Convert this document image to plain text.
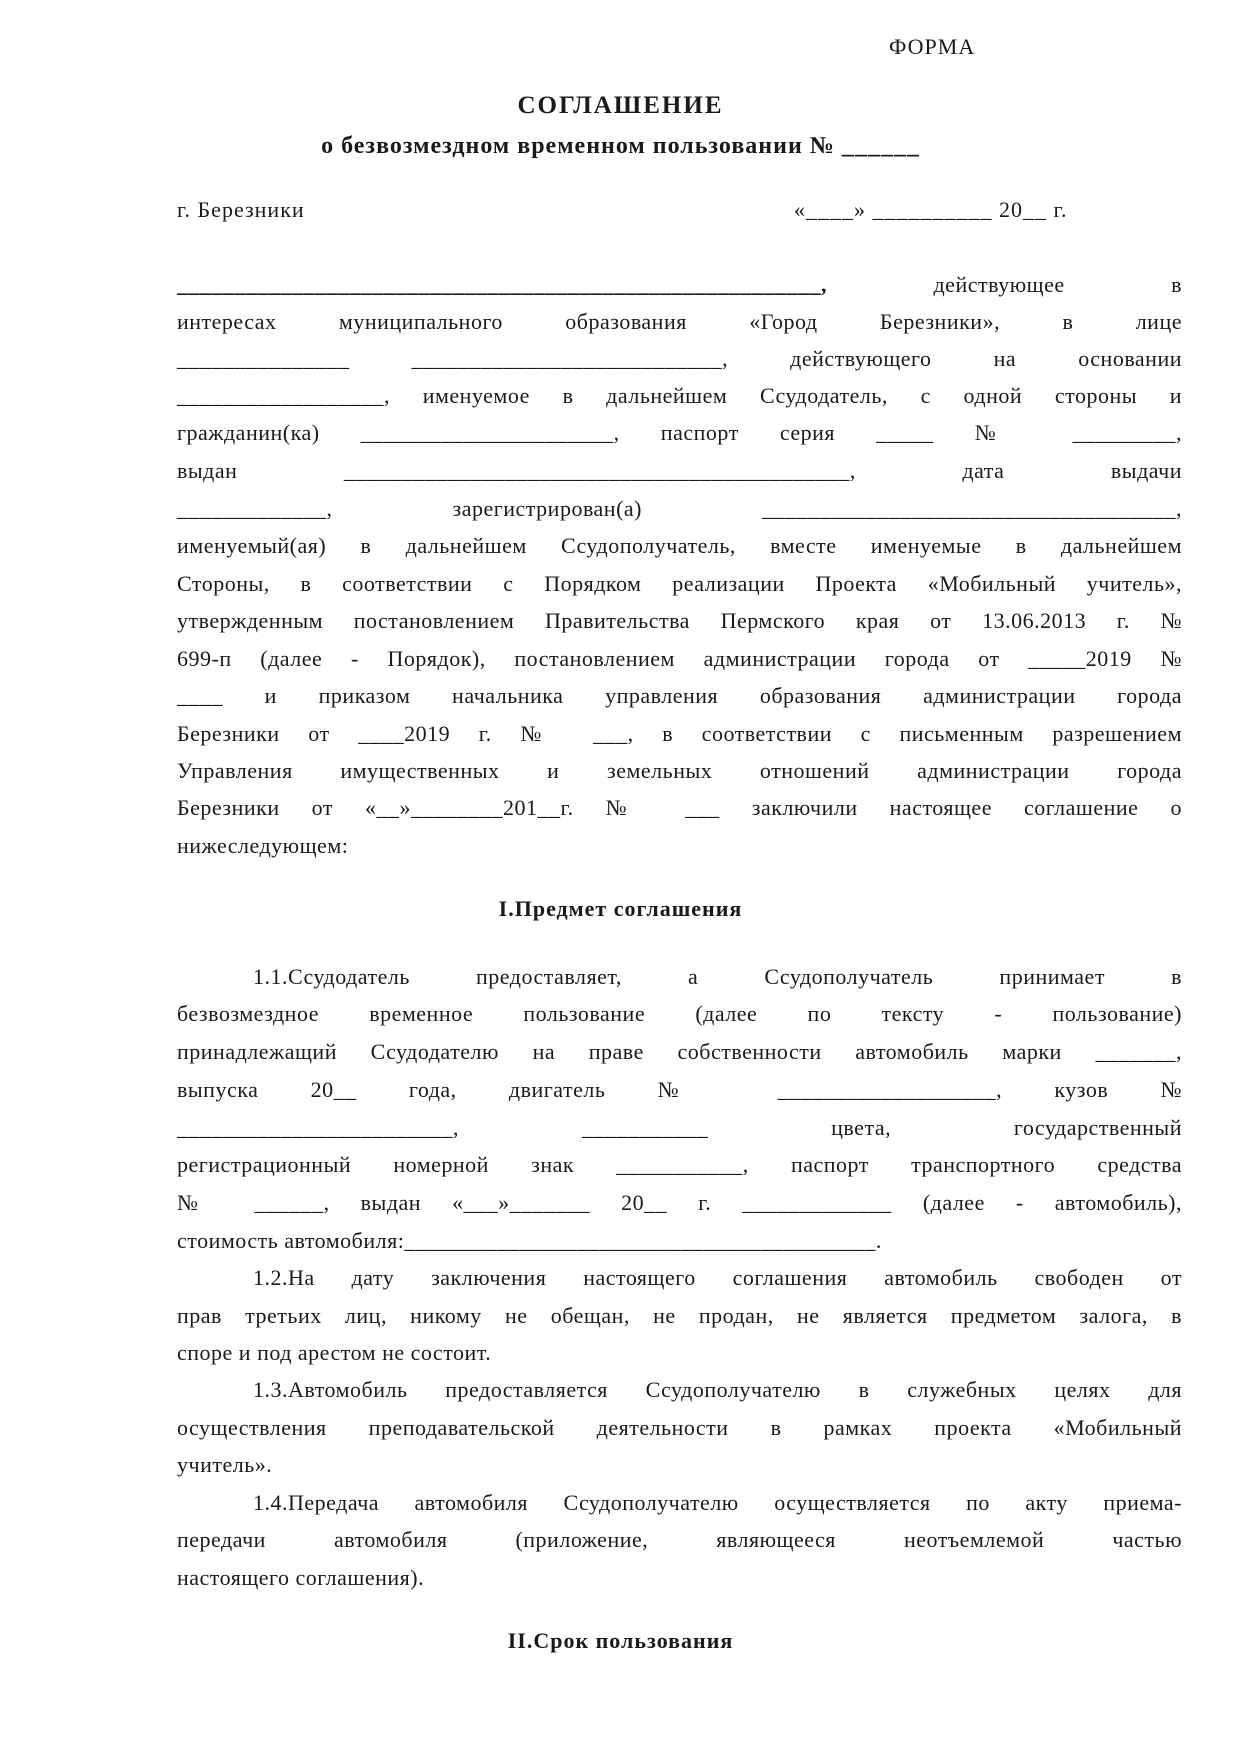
ФОРМА
СОГЛАШЕНИЕ
о безвозмездном временном пользовании № ______
г. Березники	«____» __________ 20__ г.
________________________________________________________,	действующее в
интересах муниципального образования «Город Березники», в лице
_______________ ___________________________, действующего на основании
__________________, именуемое в дальнейшем Ссудодатель, с одной стороны и
гражданин(ка) ______________________, паспорт серия _____ № _________,
выдан ____________________________________________, дата выдачи
_____________, зарегистрирован(а) ____________________________________,
именуемый(ая) в дальнейшем Ссудополучатель, вместе именуемые в дальнейшем
Стороны, в соответствии с Порядком реализации Проекта «Мобильный учитель»,
утвержденным постановлением Правительства Пермского края от 13.06.2013 г. №
699-п (далее - Порядок), постановлением администрации города от _____2019 №
____ и приказом начальника управления образования администрации города
Березники от ____2019 г. № ___, в соответствии с письменным разрешением
Управления имущественных и земельных отношений администрации города
Березники от «__»________201__г. № ___ заключили настоящее соглашение о
нижеследующем:
I.Предмет соглашения
1.1.Ссудодатель предоставляет, а Ссудополучатель принимает в
безвозмездное временное пользование (далее по тексту - пользование)
принадлежащий Ссудодателю на праве собственности автомобиль марки _______,
выпуска 20__ года, двигатель № ___________________, кузов №
________________________, ___________ цвета, государственный
регистрационный номерной знак ___________, паспорт транспортного средства
№ ______, выдан «___»_______ 20__ г. _____________ (далее - автомобиль),
стоимость автомобиля:_________________________________________.
1.2.На дату заключения настоящего соглашения автомобиль свободен от
прав третьих лиц, никому не обещан, не продан, не является предметом залога, в
споре и под арестом не состоит.
1.3.Автомобиль предоставляется Ссудополучателю в служебных целях для
осуществления преподавательской деятельности в рамках проекта «Мобильный
учитель».
1.4.Передача автомобиля Ссудополучателю осуществляется по акту приема-
передачи автомобиля (приложение, являющееся неотъемлемой частью
настоящего соглашения).
II.Срок пользования
